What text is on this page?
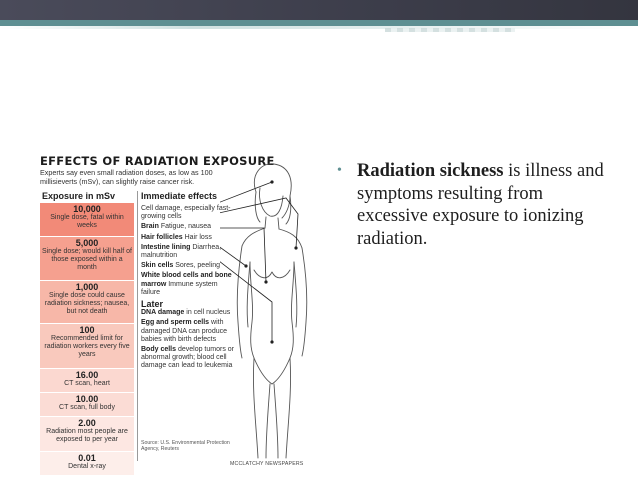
EFFECTS OF RADIATION EXPOSURE
Experts say even small radiation doses, as low as 100 millisieverts (mSv), can slightly raise cancer risk.
Exposure in mSv	Immediate effects
10,000
Single dose, fatal within weeks
5,000
Single dose; would kill half of those exposed within a month
1,000
Single dose could cause radiation sickness; nausea, but not death
100
Recommended limit for radiation workers every five years
16.00
CT scan, heart
10.00
CT scan, full body
2.00
Radiation most people are exposed to per year
0.01
Dental x-ray

Cell damage, especially fast-growing cells

Brain Fatigue, nausea

Hair follicles Hair loss

Intestine lining Diarrhea, malnutrition

Skin cells Sores, peeling

White blood cells and bone marrow Immune system failure

Later

DNA damage in cell nucleus

Egg and sperm cells with damaged DNA can produce babies with birth defects

Body cells develop tumors or abnormal growth; blood cell damage can lead to leukemia

Source: U.S. Environmental Protection Agency, Reuters
MCCLATCHY NEWSPAPERS
• Radiation sickness is illness and symptoms resulting from excessive exposure to ionizing radiation.
